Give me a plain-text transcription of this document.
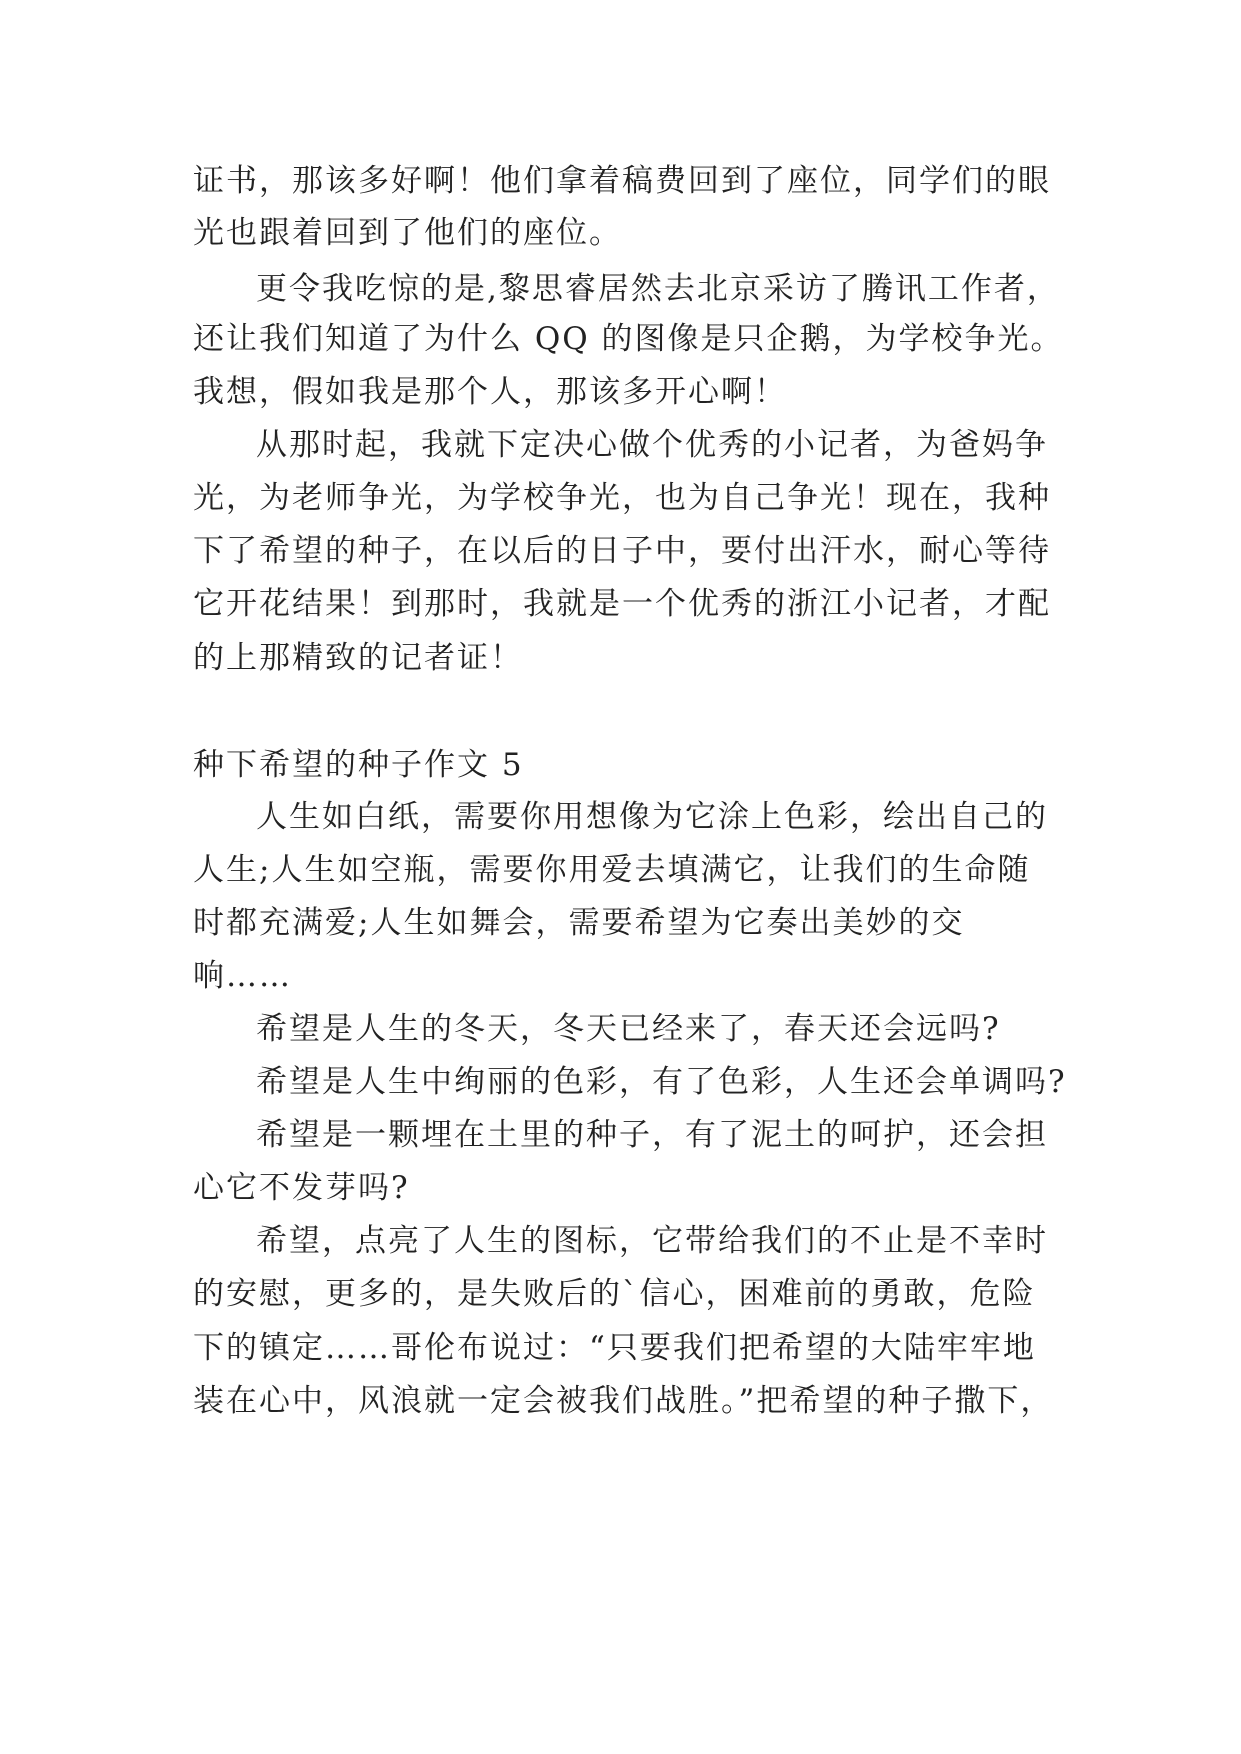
证书，那该多好啊！他们拿着稿费回到了座位，同学们的眼
光也跟着回到了他们的座位。
更令我吃惊的是,黎思睿居然去北京采访了腾讯工作者，
还让我们知道了为什么 QQ 的图像是只企鹅，为学校争光。
我想，假如我是那个人，那该多开心啊！
从那时起，我就下定决心做个优秀的小记者，为爸妈争
光，为老师争光，为学校争光，也为自己争光！现在，我种
下了希望的种子，在以后的日子中，要付出汗水，耐心等待
它开花结果！到那时，我就是一个优秀的浙江小记者，才配
的上那精致的记者证！
种下希望的种子作文 5
人生如白纸，需要你用想像为它涂上色彩，绘出自己的
人生;人生如空瓶，需要你用爱去填满它，让我们的生命随
时都充满爱;人生如舞会，需要希望为它奏出美妙的交
响……
希望是人生的冬天，冬天已经来了，春天还会远吗?
希望是人生中绚丽的色彩，有了色彩，人生还会单调吗?
希望是一颗埋在土里的种子，有了泥土的呵护，还会担
心它不发芽吗?
希望，点亮了人生的图标，它带给我们的不止是不幸时
的安慰，更多的，是失败后的`信心，困难前的勇敢，危险
下的镇定……哥伦布说过：“只要我们把希望的大陆牢牢地
装在心中，风浪就一定会被我们战胜。”把希望的种子撒下，
